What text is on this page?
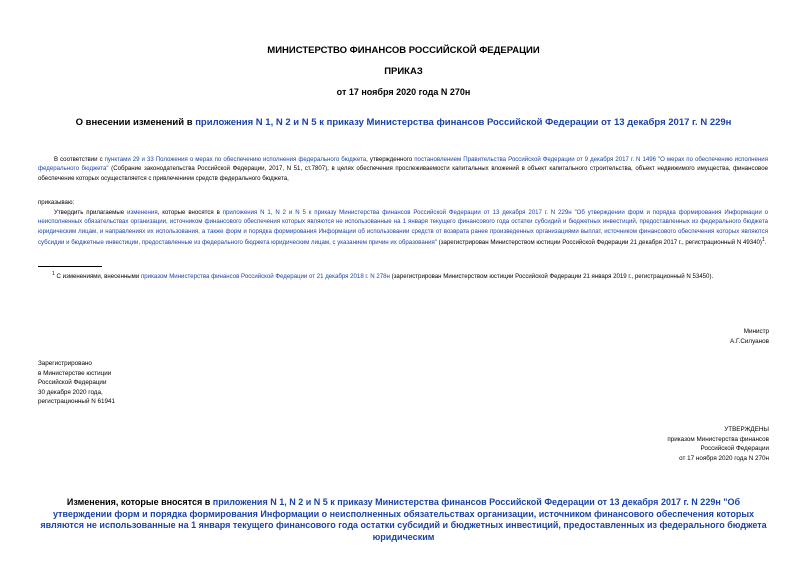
МИНИСТЕРСТВО ФИНАНСОВ РОССИЙСКОЙ ФЕДЕРАЦИИ
ПРИКАЗ
от 17 ноября 2020 года N 270н
О внесении изменений в приложения N 1, N 2 и N 5 к приказу Министерства финансов Российской Федерации от 13 декабря 2017 г. N 229н
В соответствии с пунктами 29 и 33 Положения о мерах по обеспечению исполнения федерального бюджета, утвержденного постановлением Правительства Российской Федерации от 9 декабря 2017 г. N 1496 "О мерах по обеспечению исполнения федерального бюджета" (Собрание законодательства Российской Федерации, 2017, N 51, ст.7807), в целях обеспечения прослеживаемости капитальных вложений в объект капитального строительства, объект недвижимого имущества, финансовое обеспечение которых осуществляется с привлечением средств федерального бюджета,
приказываю:
Утвердить прилагаемые изменения, которые вносятся в приложения N 1, N 2 и N 5 к приказу Министерства финансов Российской Федерации от 13 декабря 2017 г. N 229н "Об утверждении форм и порядка формирования Информации о неисполненных обязательствах организации, источником финансового обеспечения которых являются не использованные на 1 января текущего финансового года остатки субсидий и бюджетных инвестиций, предоставленных из федерального бюджета юридическим лицам, и направлениях их использования, а также форм и порядка формирования Информации об использовании средств от возврата ранее произведенных организациями выплат, источником финансового обеспечения которых являются субсидии и бюджетные инвестиции, предоставленные из федерального бюджета юридическим лицам, с указанием причин их образования" (зарегистрирован Министерством юстиции Российской Федерации 21 декабря 2017 г., регистрационный N 49340)$^1$.
$^1$ С изменениями, внесенными приказом Министерства финансов Российской Федерации от 21 декабря 2018 г. N 278н (зарегистрирован Министерством юстиции Российской Федерации 21 января 2019 г., регистрационный N 53450).
Министр
А.Г.Силуанов
Зарегистрировано
в Министерстве юстиции
Российской Федерации
30 декабря 2020 года,
регистрационный N 61941
УТВЕРЖДЕНЫ
приказом Министерства финансов
Российской Федерации
от 17 ноября 2020 года N 270н
Изменения, которые вносятся в приложения N 1, N 2 и N 5 к приказу Министерства финансов Российской Федерации от 13 декабря 2017 г. N 229н "Об утверждении форм и порядка формирования Информации о неисполненных обязательствах организации, источником финансового обеспечения которых являются не использованные на 1 января текущего финансового года остатки субсидий и бюджетных инвестиций, предоставленных из федерального бюджета юридическим
